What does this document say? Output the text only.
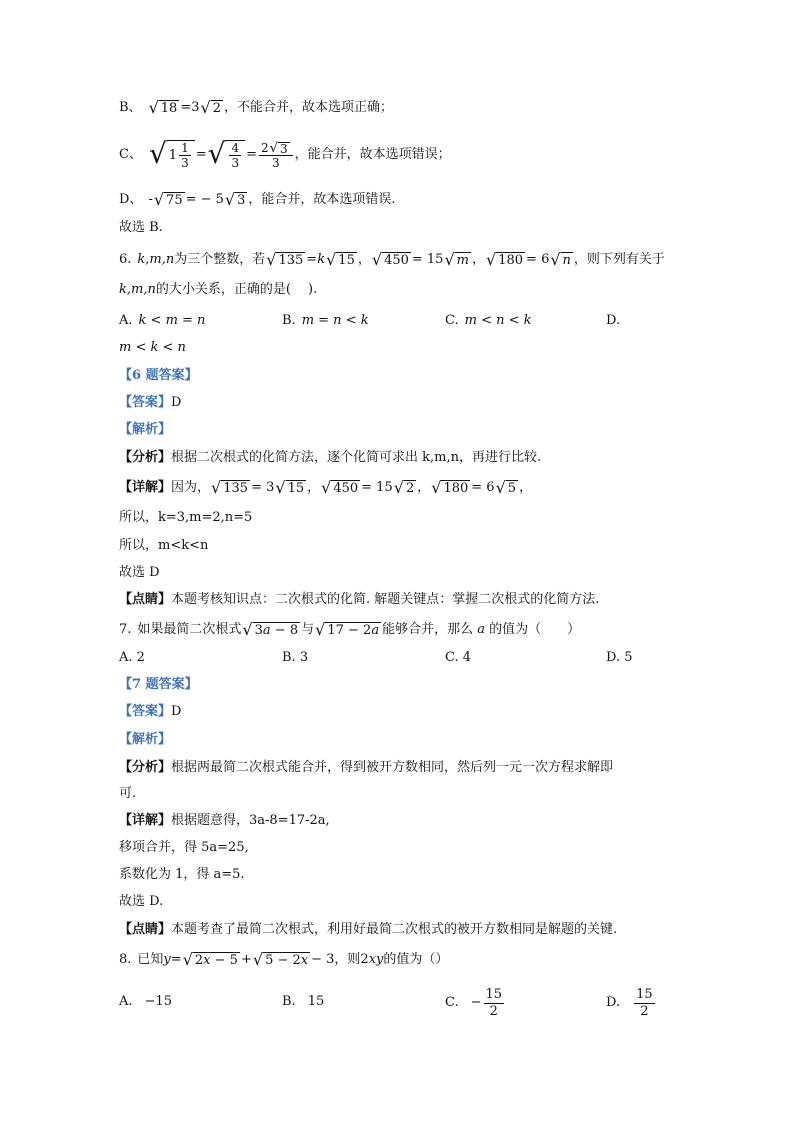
B、 √ 18 =3 √ 2 ，不能合并，故本选项正确；
C、 √ $1 \frac{1}{3}$ = √ $\frac{4}{3} = \frac{2 √ 3}{3}$ ，能合并，故本选项错误；
D、 - √ 75 = − 5 √ 3 ，能合并，故本选项错误.
故选 B.
6. k,m,n 为三个整数，若 √ 135 = k √ 15 ， √ 450 = 15 √ m ， √ 180 = 6 √ n ，则下列有关于
k,m,n 的大小关系，正确的是(　 ).
A. k < m = n	B. m = n < k	C. m < n < k	D.
m < k < n
【6 题答案】
【答案】 D
【解析】
【分析】 根据二次根式的化简方法，逐个化简可求出 k,m,n，再进行比较.
【详解】 因为， √ 135 = 3 √ 15 ， √ 450 = 15 √ 2 ， √ 180 = 6 √ 5 ，
所以，k=3,m=2,n=5
所以，m<k<n
故选 D
【点睛】 本题考核知识点：二次根式的化简. 解题关键点：掌握二次根式的化简方法.
7. 如果最简二次根式 √ 3a − 8 与 √ 17 − 2a 能够合并，那么 a 的值为（　　）
A. 2	B. 3	C. 4	D. 5
【7 题答案】
【答案】 D
【解析】
【分析】 根据两最简二次根式能合并，得到被开方数相同，然后列一元一次方程求解即
可.
【详解】 根据题意得，3a-8=17-2a,
移项合并，得 5a=25,
系数化为 1，得 a=5.
故选 D.
【点睛】 本题考查了最简二次根式，利用好最简二次根式的被开方数相同是解题的关键.
8. 已知 y = √ 2x − 5 + √ 5 − 2x − 3 ，则 2 xy 的值为（）
A. −15	B. 15	C. − $\frac{15}{2}$	D. $\frac{15}{2}$
